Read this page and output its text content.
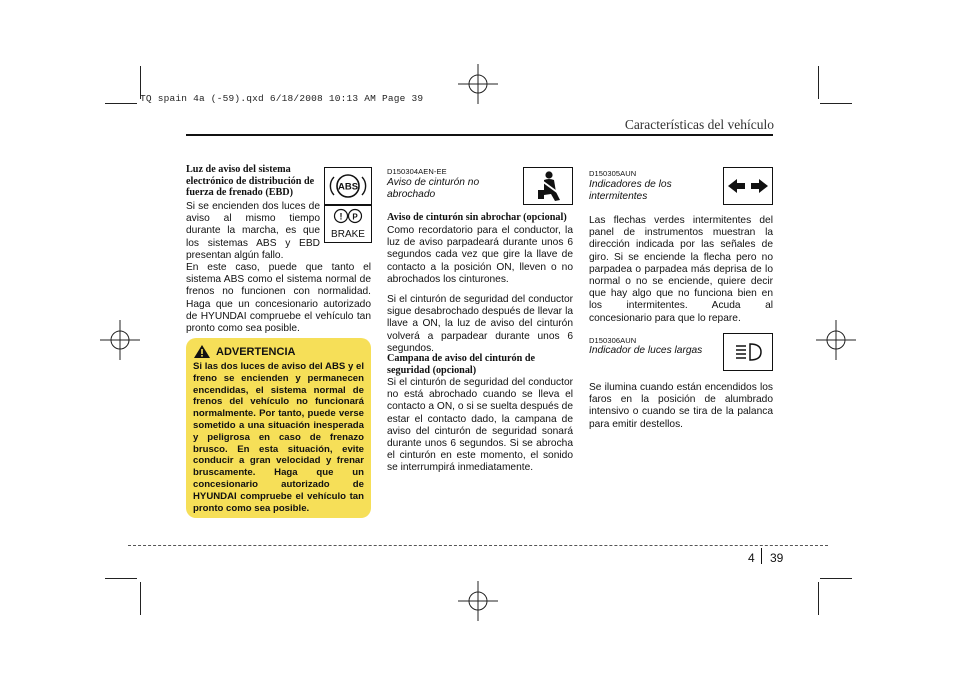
TQ spain 4a (-59).qxd 6/18/2008 10:13 AM Page 39
Características del vehículo
Luz de aviso del sistema electrónico de distribución de fuerza de frenado (EBD)
Si se encienden dos luces de aviso al mismo tiempo durante la marcha, es que los sistemas ABS y EBD presentan algún fallo.
En este caso, puede que tanto el sistema ABS como el sistema normal de frenos no funcionen con normalidad. Haga que un concesionario autorizado de HYUNDAI compruebe el vehículo tan pronto como sea posible.
ABS
! P
BRAKE
ADVERTENCIA
Si las dos luces de aviso del ABS y el freno se encienden y permanecen encendidas, el sistema normal de frenos del vehículo no funcionará normalmente. Por tanto, puede verse sometido a una situación inesperada y peligrosa en caso de frenazo brusco. En esta situación, evite conducir a gran velocidad y frenar bruscamente. Haga que un concesionario autorizado de HYUNDAI compruebe el vehículo tan pronto como sea posible.
D150304AEN-EE
Aviso de cinturón no abrochado
Aviso de cinturón sin abrochar (opcional)
Como recordatorio para el conductor, la luz de aviso parpadeará durante unos 6 segundos cada vez que gire la llave de contacto a la posición ON, lleven o no abrochados los cinturones.
Si el cinturón de seguridad del conductor sigue desabrochado después de llevar la llave a ON, la luz de aviso del cinturón volverá a parpadear durante unos 6 segundos.
Campana de aviso del cinturón de seguridad (opcional)
Si el cinturón de seguridad del conductor no está abrochado cuando se lleva el contacto a ON, o si se suelta después de estar el contacto dado, la campana de aviso del cinturón de seguridad sonará durante unos 6 segundos. Si se abrocha el cinturón en este momento, el sonido se interrumpirá inmediatamente.
D150305AUN
Indicadores de los intermitentes
Las flechas verdes intermitentes del panel de instrumentos muestran la dirección indicada por las señales de giro. Si se enciende la flecha pero no parpadea o parpadea más deprisa de lo normal o no se enciende, quiere decir que hay algo que no funciona bien en los intermitentes. Acuda al concesionario para que lo repare.
D150306AUN
Indicador de luces largas
Se ilumina cuando están encendidos los faros en la posición de alumbrado intensivo o cuando se tira de la palanca para emitir destellos.
4 39
